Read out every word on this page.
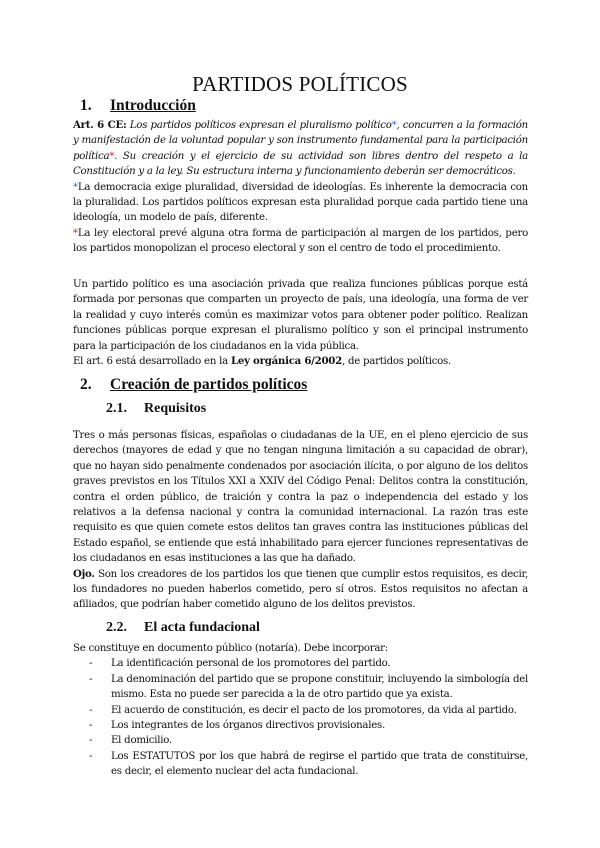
PARTIDOS POLÍTICOS
1. Introducción

Art. 6 CE: Los partidos políticos expresan el pluralismo político*, concurren a la formación y manifestación de la voluntad popular y son instrumento fundamental para la participación política*. Su creación y el ejercicio de su actividad son libres dentro del respeto a la Constitución y a la ley. Su estructura interna y funcionamiento deberán ser democráticos.

*La democracia exige pluralidad, diversidad de ideologías. Es inherente la democracia con la pluralidad. Los partidos políticos expresan esta pluralidad porque cada partido tiene una ideología, un modelo de país, diferente.

*La ley electoral prevé alguna otra forma de participación al margen de los partidos, pero los partidos monopolizan el proceso electoral y son el centro de todo el procedimiento.

Un partido político es una asociación privada que realiza funciones públicas porque está formada por personas que comparten un proyecto de país, una ideología, una forma de ver la realidad y cuyo interés común es maximizar votos para obtener poder político. Realizan funciones públicas porque expresan el pluralismo político y son el principal instrumento para la participación de los ciudadanos en la vida pública.

El art. 6 está desarrollado en la Ley orgánica 6/2002, de partidos políticos.

2. Creación de partidos políticos
2.1. Requisitos

Tres o más personas físicas, españolas o ciudadanas de la UE, en el pleno ejercicio de sus derechos (mayores de edad y que no tengan ninguna limitación a su capacidad de obrar), que no hayan sido penalmente condenados por asociación ilícita, o por alguno de los delitos graves previstos en los Títulos XXI a XXIV del Código Penal: Delitos contra la constitución, contra el orden público, de traición y contra la paz o independencia del estado y los relativos a la defensa nacional y contra la comunidad internacional. La razón tras este requisito es que quien comete estos delitos tan graves contra las instituciones públicas del Estado español, se entiende que está inhabilitado para ejercer funciones representativas de los ciudadanos en esas instituciones a las que ha dañado.

Ojo. Son los creadores de los partidos los que tienen que cumplir estos requisitos, es decir, los fundadores no pueden haberlos cometido, pero sí otros. Estos requisitos no afectan a afiliados, que podrían haber cometido alguno de los delitos previstos.

2.2. El acta fundacional

Se constituye en documento público (notaría). Debe incorporar:

- La identificación personal de los promotores del partido.
- La denominación del partido que se propone constituir, incluyendo la simbología del mismo. Esta no puede ser parecida a la de otro partido que ya exista.
- El acuerdo de constitución, es decir el pacto de los promotores, da vida al partido.
- Los integrantes de los órganos directivos provisionales.
- El domicilio.
- Los ESTATUTOS por los que habrá de regirse el partido que trata de constituirse, es decir, el elemento nuclear del acta fundacional.
